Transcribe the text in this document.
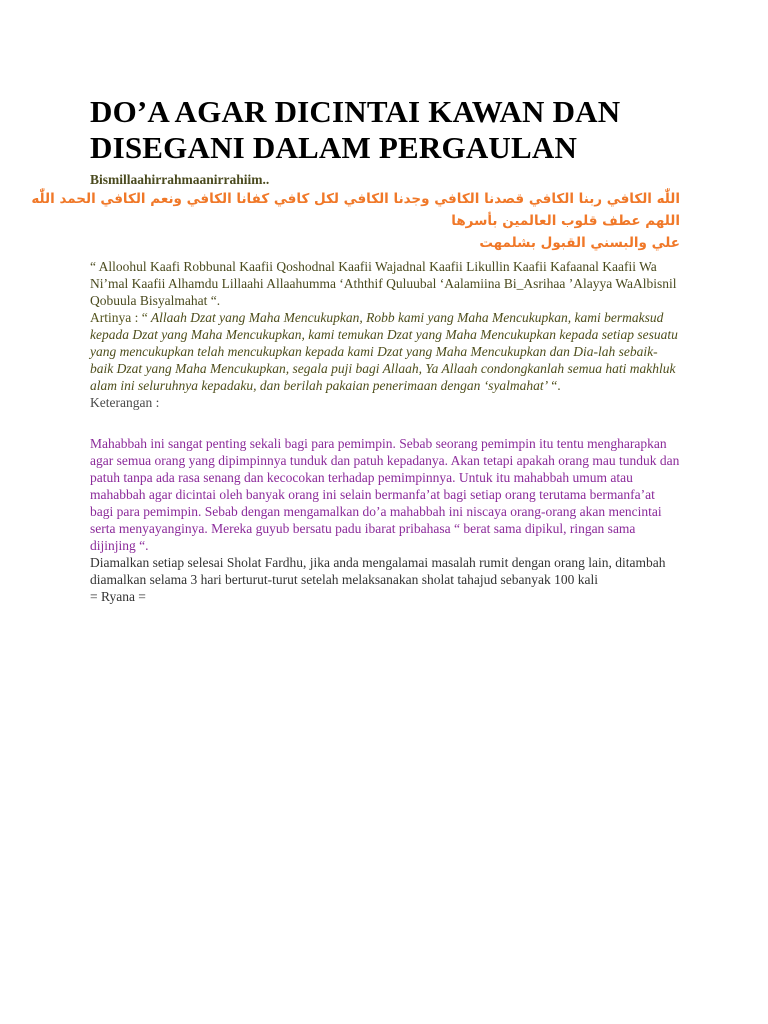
DO’A AGAR DICINTAI KAWAN DAN
DISEGANI DALAM PERGAULAN
Bismillaahirrahmaanirrahiim..
اللّٰه الكافي ربنا الكافي قصدنا الكافي وجدنا الكافي لكل كافي كفانا الكافي ونعم الكافي الحمد اللّٰه
اللهم عطف قلوب العالمين بأسرها
علي والبسني القبول بشلمهت
“ Alloohul Kaafi Robbunal Kaafii Qoshodnal Kaafii Wajadnal Kaafii Likullin Kaafii Kafaanal Kaafii Wa Ni’mal Kaafii Alhamdu Lillaahi Allaahumma ‘Aththif Quluubal ‘Aalamiina Bi_Asrihaa ’Alayya WaAlbisnil Qobuula Bisyalmahat “.
Artinya : “ Allaah Dzat yang Maha Mencukupkan, Robb kami yang Maha Mencukupkan, kami bermaksud kepada Dzat yang Maha Mencukupkan, kami temukan Dzat yang Maha Mencukupkan kepada setiap sesuatu yang mencukupkan telah mencukupkan kepada kami Dzat yang Maha Mencukupkan dan Dia-lah sebaik-baik Dzat yang Maha Mencukupkan, segala puji bagi Allaah, Ya Allaah condongkanlah semua hati makhluk alam ini seluruhnya kepadaku, dan berilah pakaian penerimaan dengan ‘syalmahat’ “.
Keterangan :
Mahabbah ini sangat penting sekali bagi para pemimpin. Sebab seorang pemimpin itu tentu mengharapkan agar semua orang yang dipimpinnya tunduk dan patuh kepadanya. Akan tetapi apakah orang mau tunduk dan patuh tanpa ada rasa senang dan kecocokan terhadap pemimpinnya. Untuk itu mahabbah umum atau mahabbah agar dicintai oleh banyak orang ini selain bermanfa’at bagi setiap orang terutama bermanfa’at bagi para pemimpin. Sebab dengan mengamalkan do’a mahabbah ini niscaya orang-orang akan mencintai serta menyayanginya. Mereka guyub bersatu padu ibarat pribahasa “ berat sama dipikul, ringan sama dijinjing “.
Diamalkan setiap selesai Sholat Fardhu, jika anda mengalamai masalah rumit dengan orang lain, ditambah diamalkan selama 3 hari berturut-turut setelah melaksanakan sholat tahajud sebanyak 100 kali
= Ryana =
